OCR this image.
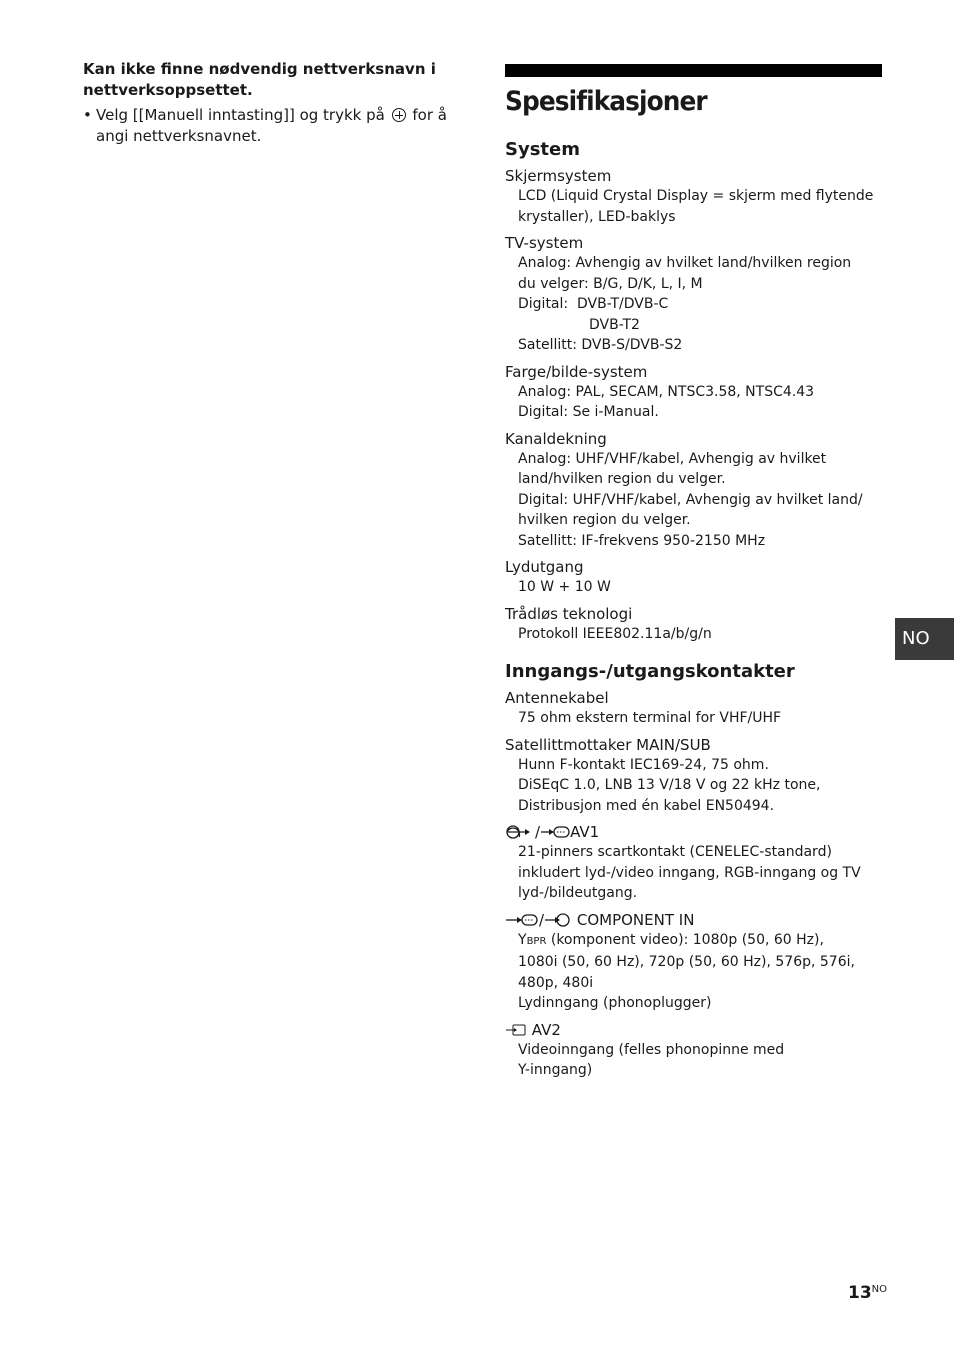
Kan ikke finne nødvendig nettverksnavn i nettverksoppsettet.
• Velg [[Manuell inntasting]] og trykk på for å angi nettverksnavnet.
Spesifikasjoner
System
Skjermsystem
LCD (Liquid Crystal Display = skjerm med flytende
krystaller), LED-baklys
TV-system
Analog: Avhengig av hvilket land/hvilken region
du velger: B/G, D/K, L, I, M
Digital:  DVB-T/DVB-C
DVB-T2
Satellitt: DVB-S/DVB-S2
Farge/bilde-system
Analog: PAL, SECAM, NTSC3.58, NTSC4.43
Digital: Se i-Manual.
Kanaldekning
Analog: UHF/VHF/kabel, Avhengig av hvilket
land/hvilken region du velger.
Digital: UHF/VHF/kabel, Avhengig av hvilket land/
hvilken region du velger.
Satellitt: IF-frekvens 950-2150 MHz
Lydutgang
10 W + 10 W
Trådløs teknologi
Protokoll IEEE802.11a/b/g/n
Inngangs-/utgangskontakter
Antennekabel
75 ohm ekstern terminal for VHF/UHF
Satellittmottaker MAIN/SUB
Hunn F-kontakt IEC169-24, 75 ohm.
DiSEqC 1.0, LNB 13 V/18 V og 22 kHz tone,
Distribusjon med én kabel EN50494.
/ AV1
21-pinners scartkontakt (CENELEC-standard)
inkludert lyd-/video inngang, RGB-inngang og TV
lyd-/bildeutgang.
/ COMPONENT IN
YBPR (komponent video): 1080p (50, 60 Hz),
1080i (50, 60 Hz), 720p (50, 60 Hz), 576p, 576i,
480p, 480i
Lydinngang (phonoplugger)
AV2
Videoinngang (felles phonopinne med
Y-inngang)
NO
$13^{NO}$
